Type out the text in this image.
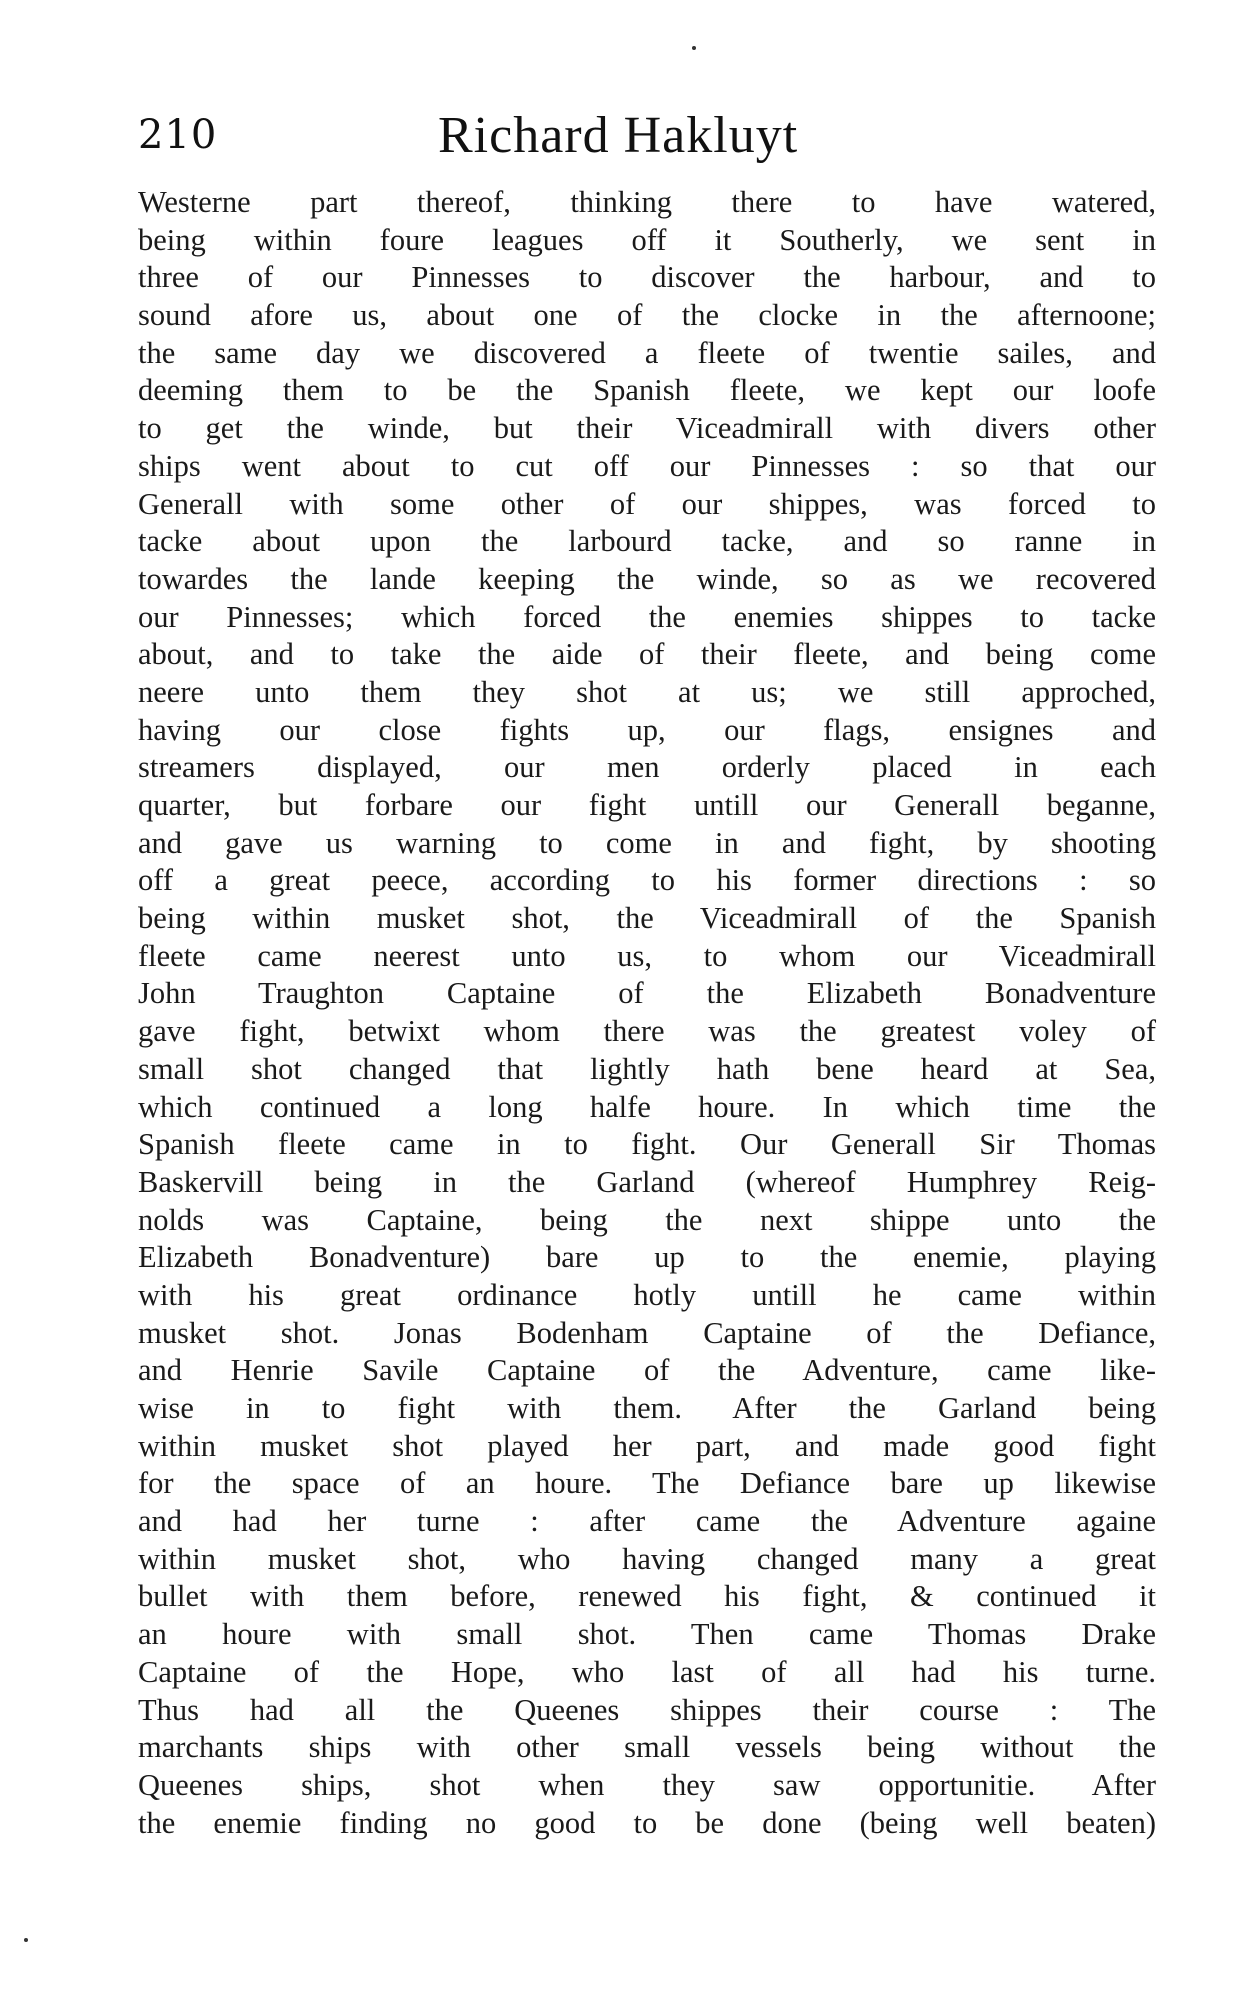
210	Richard Hakluyt
Westerne part thereof, thinking there to have watered,
being within foure leagues off it Southerly, we sent in
three of our Pinnesses to discover the harbour, and to
sound afore us, about one of the clocke in the afternoone;
the same day we discovered a fleete of twentie sailes, and
deeming them to be the Spanish fleete, we kept our loofe
to get the winde, but their Viceadmirall with divers other
ships went about to cut off our Pinnesses : so that our
Generall with some other of our shippes, was forced to
tacke about upon the larbourd tacke, and so ranne in
towardes the lande keeping the winde, so as we recovered
our Pinnesses; which forced the enemies shippes to tacke
about, and to take the aide of their fleete, and being come
neere unto them they shot at us; we still approched,
having our close fights up, our flags, ensignes and
streamers displayed, our men orderly placed in each
quarter, but forbare our fight untill our Generall beganne,
and gave us warning to come in and fight, by shooting
off a great peece, according to his former directions : so
being within musket shot, the Viceadmirall of the Spanish
fleete came neerest unto us, to whom our Viceadmirall
John Traughton Captaine of the Elizabeth Bonadventure
gave fight, betwixt whom there was the greatest voley of
small shot changed that lightly hath bene heard at Sea,
which continued a long halfe houre. In which time the
Spanish fleete came in to fight. Our Generall Sir Thomas
Baskervill being in the Garland (whereof Humphrey Reig-
nolds was Captaine, being the next shippe unto the
Elizabeth Bonadventure) bare up to the enemie, playing
with his great ordinance hotly untill he came within
musket shot. Jonas Bodenham Captaine of the Defiance,
and Henrie Savile Captaine of the Adventure, came like-
wise in to fight with them. After the Garland being
within musket shot played her part, and made good fight
for the space of an houre. The Defiance bare up likewise
and had her turne : after came the Adventure againe
within musket shot, who having changed many a great
bullet with them before, renewed his fight, & continued it
an houre with small shot. Then came Thomas Drake
Captaine of the Hope, who last of all had his turne.
Thus had all the Queenes shippes their course : The
marchants ships with other small vessels being without the
Queenes ships, shot when they saw opportunitie. After
the enemie finding no good to be done (being well beaten)
